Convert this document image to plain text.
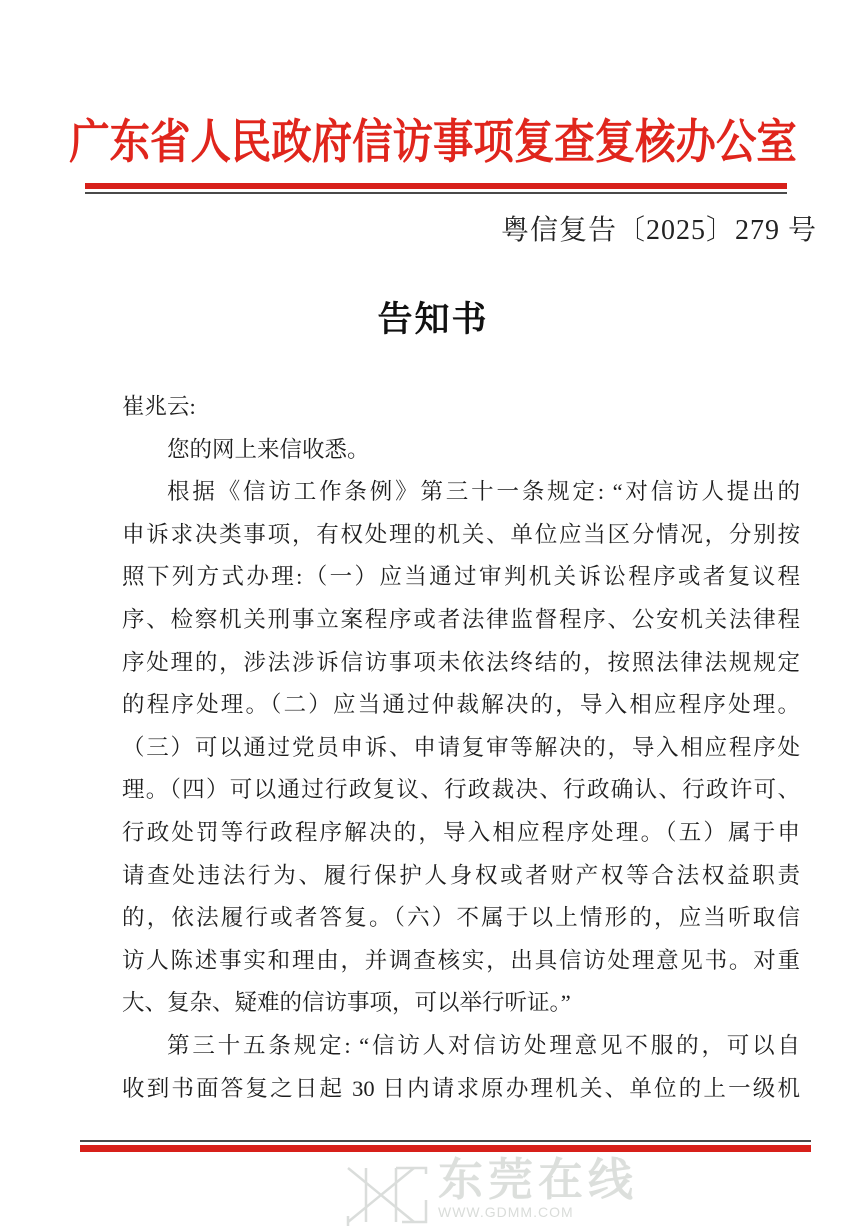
广东省人民政府信访事项复查复核办公室
粤信复告〔2025〕279 号
告知书
崔兆云:
您的网上来信收悉。
根据《信访工作条例》第三十一条规定: “对信访人提出的
申诉求决类事项，有权处理的机关、单位应当区分情况，分别按
照下列方式办理:（一）应当通过审判机关诉讼程序或者复议程
序、检察机关刑事立案程序或者法律监督程序、公安机关法律程
序处理的，涉法涉诉信访事项未依法终结的，按照法律法规规定
的程序处理。（二）应当通过仲裁解决的，导入相应程序处理。
（三）可以通过党员申诉、申请复审等解决的，导入相应程序处
理。（四）可以通过行政复议、行政裁决、行政确认、行政许可、
行政处罚等行政程序解决的，导入相应程序处理。（五）属于申
请查处违法行为、履行保护人身权或者财产权等合法权益职责
的，依法履行或者答复。（六）不属于以上情形的，应当听取信
访人陈述事实和理由，并调查核实，出具信访处理意见书。对重
大、复杂、疑难的信访事项，可以举行听证。”
第三十五条规定: “信访人对信访处理意见不服的，可以自
收到书面答复之日起 30 日内请求原办理机关、单位的上一级机
东莞在线
WWW.GDMM.COM
